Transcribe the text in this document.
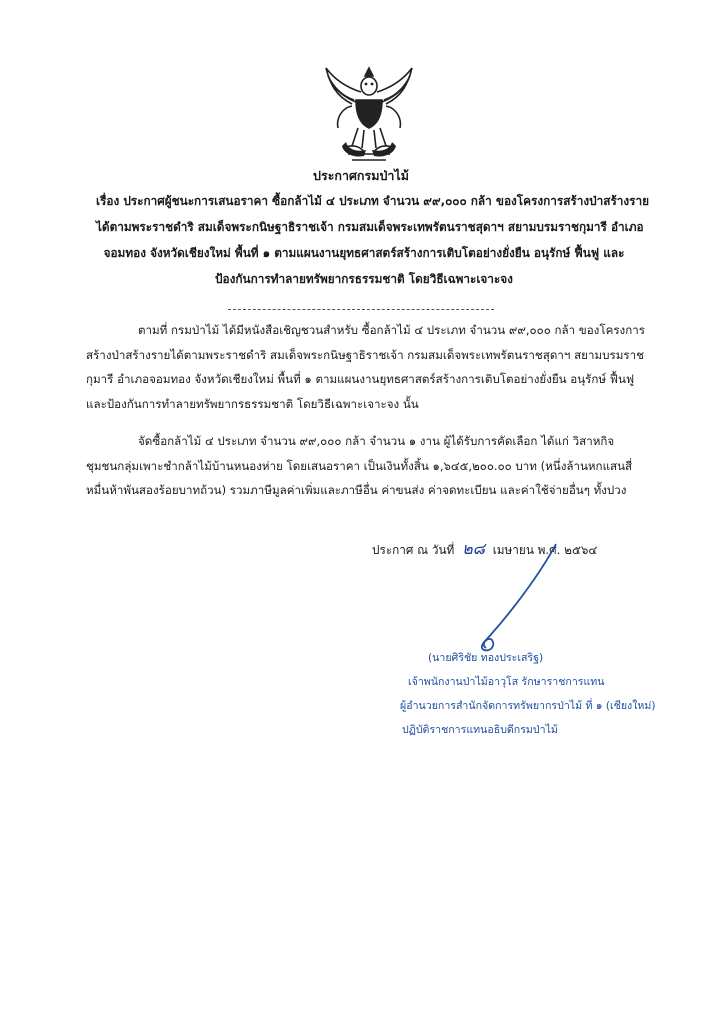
ประกาศกรมป่าไม้
เรื่อง ประกาศผู้ชนะการเสนอราคา ซื้อกล้าไม้ ๔ ประเภท จำนวน ๙๙,๐๐๐ กล้า ของโครงการสร้างป่าสร้างราย
ได้ตามพระราชดำริ สมเด็จพระกนิษฐาธิราชเจ้า กรมสมเด็จพระเทพรัตนราชสุดาฯ สยามบรมราชกุมารี อำเภอ
จอมทอง จังหวัดเชียงใหม่ พื้นที่ ๑ ตามแผนงานยุทธศาสตร์สร้างการเติบโตอย่างยั่งยืน อนุรักษ์ ฟื้นฟู และ
ป้องกันการทำลายทรัพยากรธรรมชาติ โดยวิธีเฉพาะเจาะจง
ตามที่ กรมป่าไม้ ได้มีหนังสือเชิญชวนสำหรับ ซื้อกล้าไม้ ๔ ประเภท จำนวน ๙๙,๐๐๐ กล้า ของโครงการ
สร้างป่าสร้างรายได้ตามพระราชดำริ สมเด็จพระกนิษฐาธิราชเจ้า กรมสมเด็จพระเทพรัตนราชสุดาฯ สยามบรมราช
กุมารี อำเภอจอมทอง จังหวัดเชียงใหม่ พื้นที่ ๑ ตามแผนงานยุทธศาสตร์สร้างการเติบโตอย่างยั่งยืน อนุรักษ์ ฟื้นฟู
และป้องกันการทำลายทรัพยากรธรรมชาติ โดยวิธีเฉพาะเจาะจง นั้น
จัดซื้อกล้าไม้ ๔ ประเภท จำนวน ๙๙,๐๐๐ กล้า จำนวน ๑ งาน ผู้ได้รับการคัดเลือก ได้แก่ วิสาหกิจ
ชุมชนกลุ่มเพาะชำกล้าไม้บ้านหนองห่าย โดยเสนอราคา เป็นเงินทั้งสิ้น ๑,๖๔๕,๒๐๐.๐๐ บาท (หนึ่งล้านหกแสนสี่
หมื่นห้าพันสองร้อยบาทถ้วน) รวมภาษีมูลค่าเพิ่มและภาษีอื่น ค่าขนส่ง ค่าจดทะเบียน และค่าใช้จ่ายอื่นๆ ทั้งปวง
ประกาศ ณ วันที่ ๒๘ เมษายน พ.ศ. ๒๕๖๔
(นายศิริชัย ทองประเสริฐ)
เจ้าพนักงานป่าไม้อาวุโส รักษาราชการแทน
ผู้อำนวยการสำนักจัดการทรัพยากรป่าไม้ ที่ ๑ (เชียงใหม่)
ปฏิบัติราชการแทนอธิบดีกรมป่าไม้
